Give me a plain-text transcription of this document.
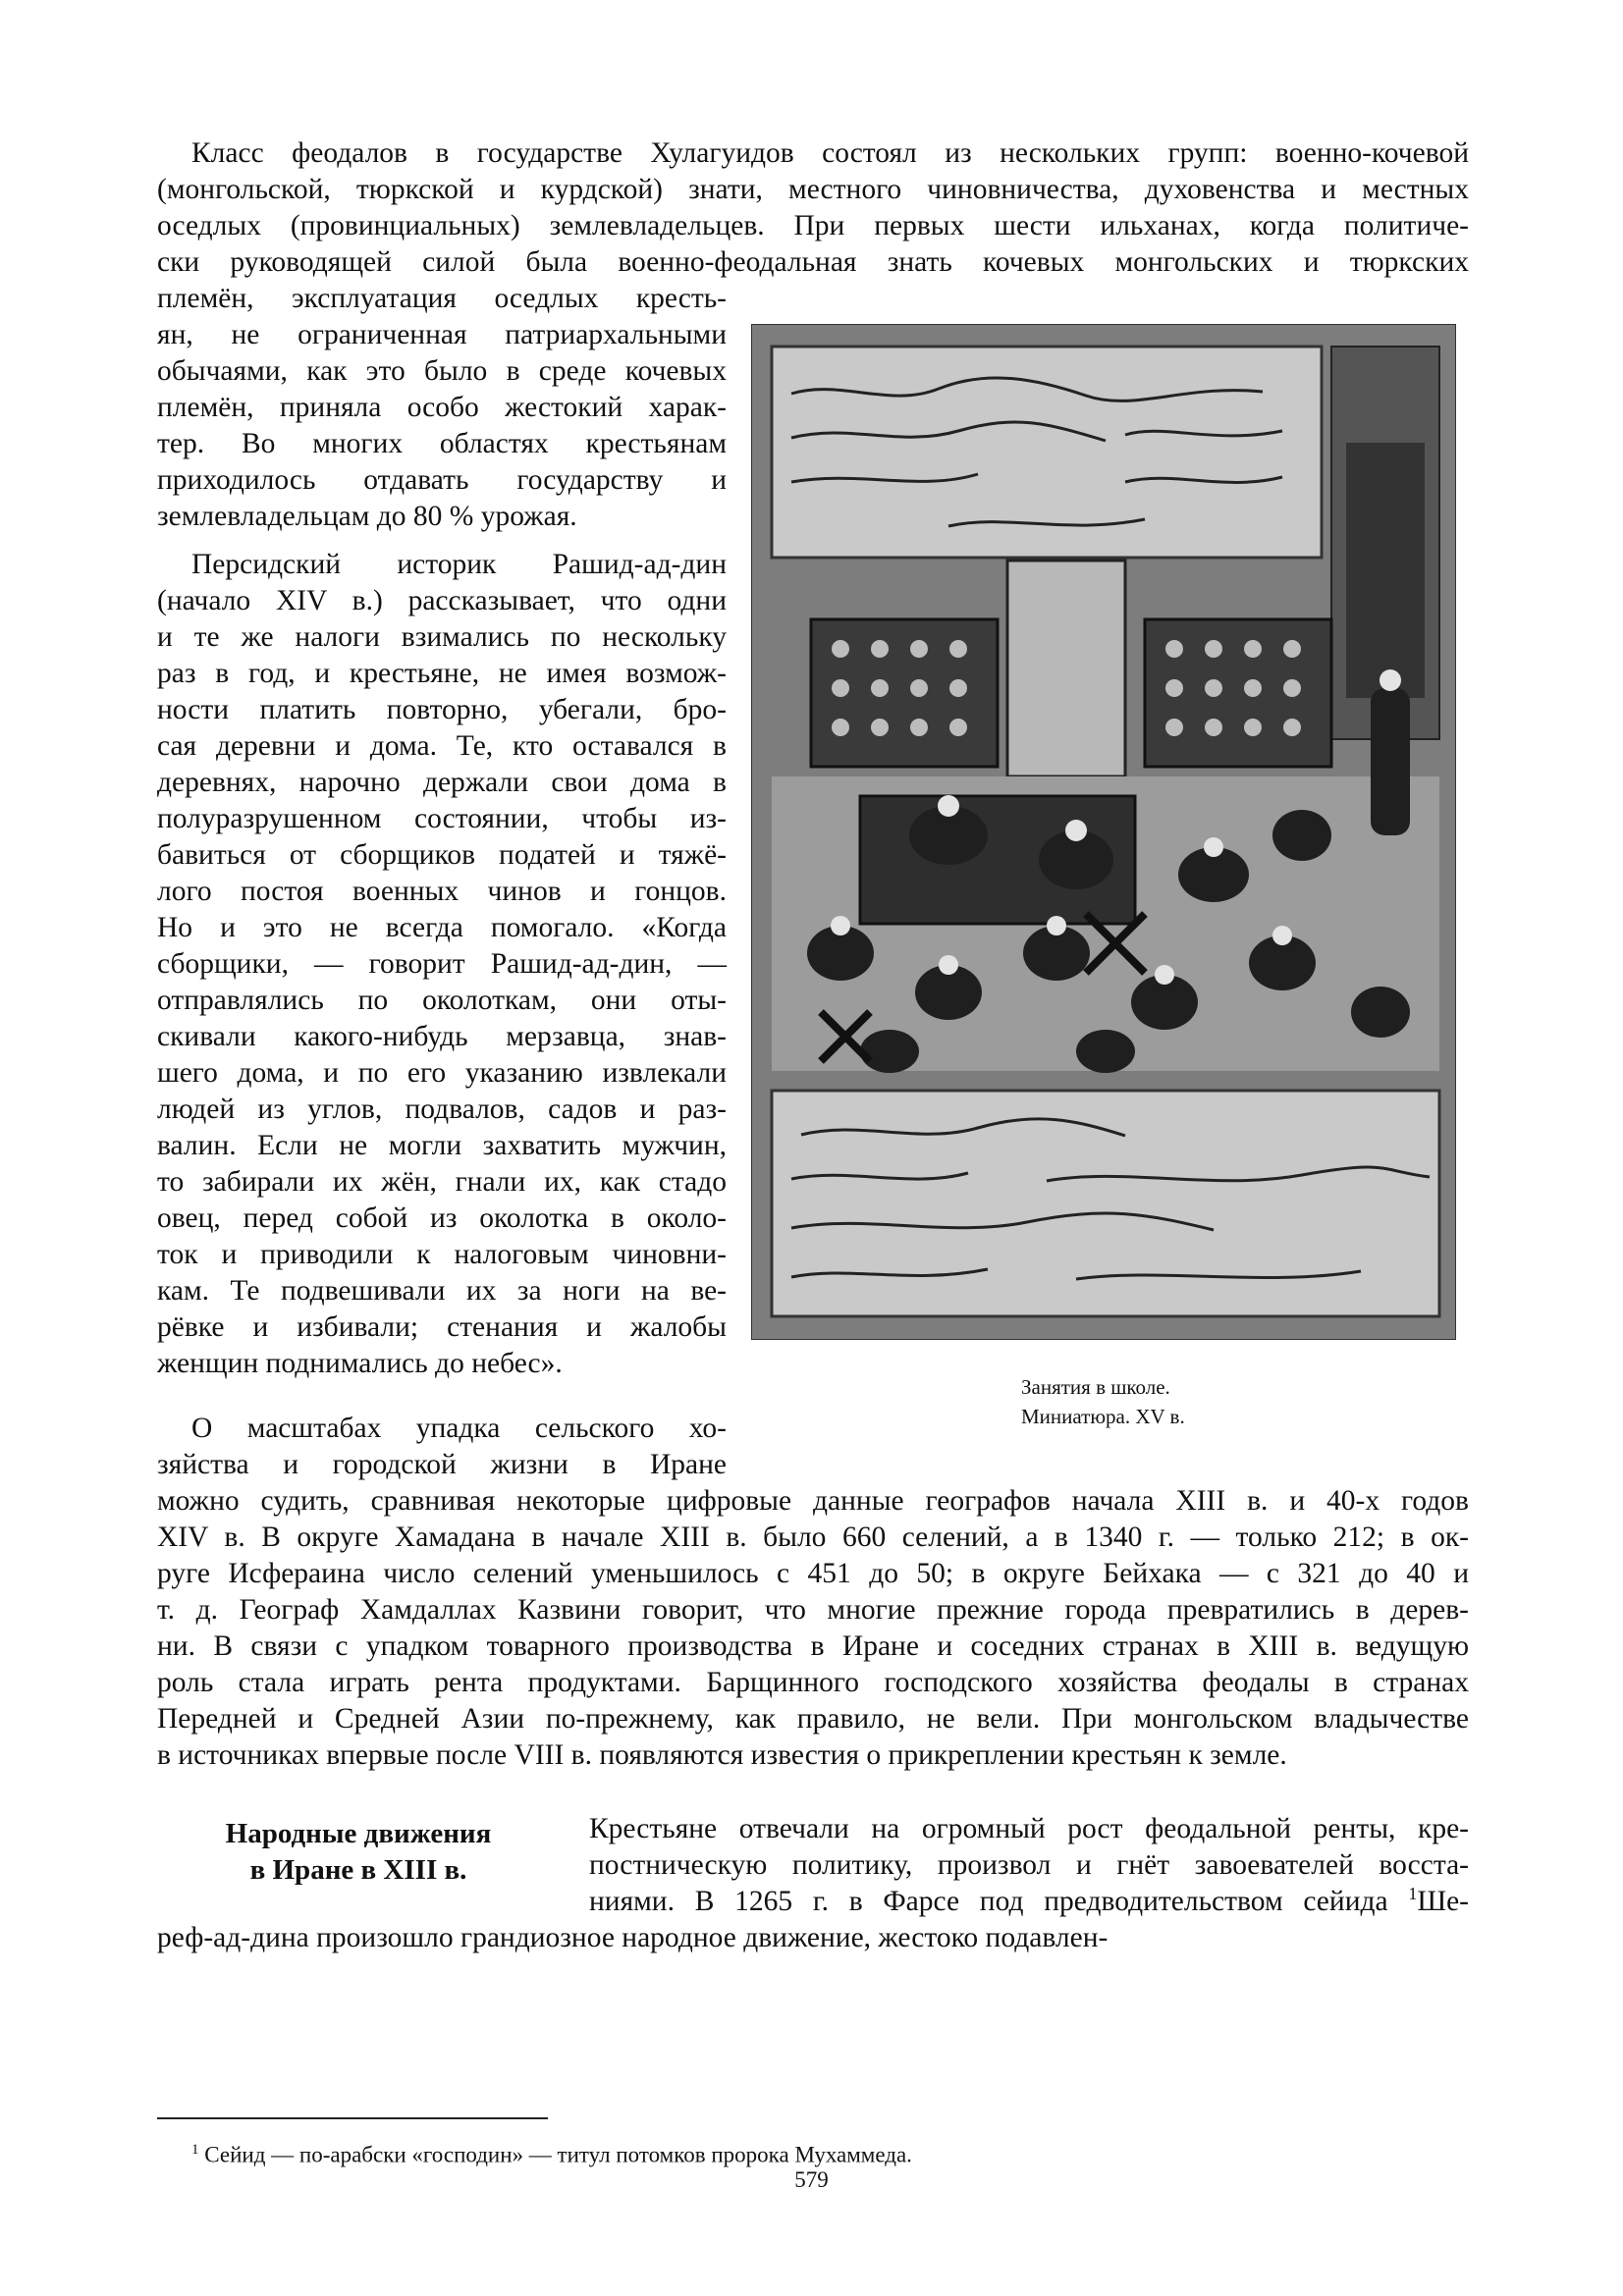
Класс феодалов в государстве Хулагуидов состоял из нескольких групп: военно-кочевой
(монгольской, тюркской и курдской) знати, местного чиновничества, духовенства и местных
оседлых (провинциальных) землевладельцев. При первых шести ильханах, когда политиче-
ски руководящей силой была военно-феодальная знать кочевых монгольских и тюркских
племён, эксплуатация оседлых кресть-
ян, не ограниченная патриархальными
обычаями, как это было в среде кочевых
племён, приняла особо жестокий харак-
тер. Во многих областях крестьянам
приходилось отдавать государству и
землевладельцам до 80 % урожая.
Персидский историк Рашид-ад-дин
(начало XIV в.) рассказывает, что одни
и те же налоги взимались по нескольку
раз в год, и крестьяне, не имея возмож-
ности платить повторно, убегали, бро-
сая деревни и дома. Те, кто оставался в
деревнях, нарочно держали свои дома в
полуразрушенном состоянии, чтобы из-
бавиться от сборщиков податей и тяжё-
лого постоя военных чинов и гонцов.
Но и это не всегда помогало. «Когда
сборщики, — говорит Рашид-ад-дин, —
отправлялись по околоткам, они оты-
скивали какого-нибудь мерзавца, знав-
шего дома, и по его указанию извлекали
людей из углов, подвалов, садов и раз-
валин. Если не могли захватить мужчин,
то забирали их жён, гнали их, как стадо
овец, перед собой из околотка в около-
ток и приводили к налоговым чиновни-
кам. Те подвешивали их за ноги на ве-
рёвке и избивали; стенания и жалобы
женщин поднимались до небес».
О масштабах упадка сельского хо-
зяйства и городской жизни в Иране
можно судить, сравнивая некоторые цифровые данные географов начала XIII в. и 40-х годов
XIV в. В округе Хамадана в начале XIII в. было 660 селений, а в 1340 г. — только 212; в ок-
руге Исфераина число селений уменьшилось с 451 до 50; в округе Бейхака — с 321 до 40 и
т. д. Географ Хамдаллах Казвини говорит, что многие прежние города превратились в дерев-
ни. В связи с упадком товарного производства в Иране и соседних странах в XIII в. ведущую
роль стала играть рента продуктами. Барщинного господского хозяйства феодалы в странах
Передней и Средней Азии по-прежнему, как правило, не вели. При монгольском владычестве
в источниках впервые после VIII в. появляются известия о прикреплении крестьян к земле.
Народные движения
в Иране в XIII в.
Крестьяне отвечали на огромный рост феодальной ренты, кре-
постническую политику, произвол и гнёт завоевателей восста-
ниями. В 1265 г. в Фарсе под предводительством сейида $^1$Ше-
реф-ад-дина произошло грандиозное народное движение, жестоко подавлен-
Занятия в школе.
Миниатюра. XV в.
$^1$ Сейид — по-арабски «господин» — титул потомков пророка Мухаммеда.
579
